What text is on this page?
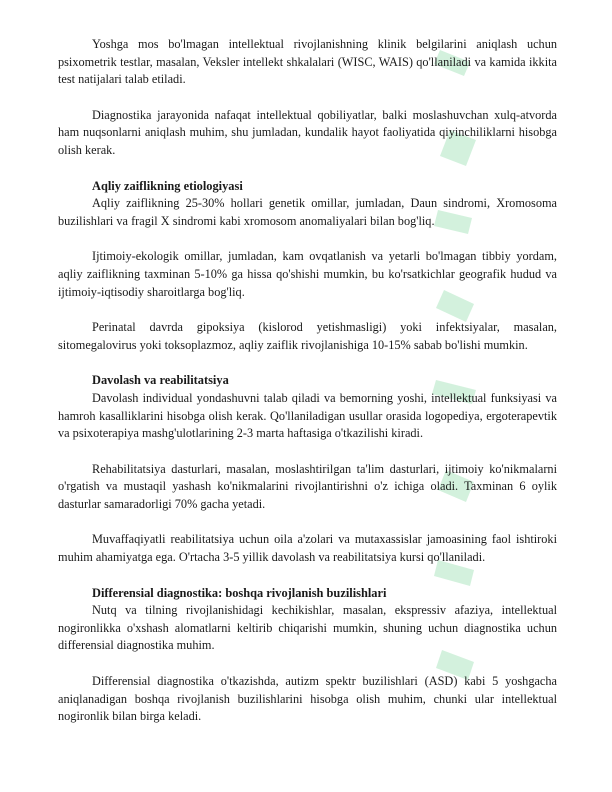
Yoshga mos bo'lmagan intellektual rivojlanishning klinik belgilarini aniqlash uchun psixometrik testlar, masalan, Veksler intellekt shkalalari (WISC, WAIS) qo'llaniladi va kamida ikkita test natijalari talab etiladi.

Diagnostika jarayonida nafaqat intellektual qobiliyatlar, balki moslashuvchan xulq-atvorda ham nuqsonlarni aniqlash muhim, shu jumladan, kundalik hayot faoliyatida qiyinchiliklarni hisobga olish kerak.

Aqliy zaiflikning etiologiyasi

Aqliy zaiflikning 25-30% hollari genetik omillar, jumladan, Daun sindromi, Xromosoma buzilishlari va fragil X sindromi kabi xromosom anomaliyalari bilan bog'liq.

Ijtimoiy-ekologik omillar, jumladan, kam ovqatlanish va yetarli bo'lmagan tibbiy yordam, aqliy zaiflikning taxminan 5-10% ga hissa qo'shishi mumkin, bu ko'rsatkichlar geografik hudud va ijtimoiy-iqtisodiy sharoitlarga bog'liq.

Perinatal davrda gipoksiya (kislorod yetishmasligi) yoki infektsiyalar, masalan, sitomegalovirus yoki toksoplazmoz, aqliy zaiflik rivojlanishiga 10-15% sabab bo'lishi mumkin.

Davolash va reabilitatsiya

Davolash individual yondashuvni talab qiladi va bemorning yoshi, intellektual funksiyasi va hamroh kasalliklarini hisobga olish kerak. Qo'llaniladigan usullar orasida logopediya, ergoterapevtik va psixoterapiya mashg'ulotlarining 2-3 marta haftasiga o'tkazilishi kiradi.

Rehabilitatsiya dasturlari, masalan, moslashtirilgan ta'lim dasturlari, ijtimoiy ko'nikmalarni o'rgatish va mustaqil yashash ko'nikmalarini rivojlantirishni o'z ichiga oladi. Taxminan 6 oylik dasturlar samaradorligi 70% gacha yetadi.

Muvaffaqiyatli reabilitatsiya uchun oila a'zolari va mutaxassislar jamoasining faol ishtiroki muhim ahamiyatga ega. O'rtacha 3-5 yillik davolash va reabilitatsiya kursi qo'llaniladi.

Differensial diagnostika: boshqa rivojlanish buzilishlari

Nutq va tilning rivojlanishidagi kechikishlar, masalan, ekspressiv afaziya, intellektual nogironlikka o'xshash alomatlarni keltirib chiqarishi mumkin, shuning uchun diagnostika uchun differensial diagnostika muhim.

Differensial diagnostika o'tkazishda, autizm spektr buzilishlari (ASD) kabi 5 yoshgacha aniqlanadigan boshqa rivojlanish buzilishlarini hisobga olish muhim, chunki ular intellektual nogironlik bilan birga keladi.
